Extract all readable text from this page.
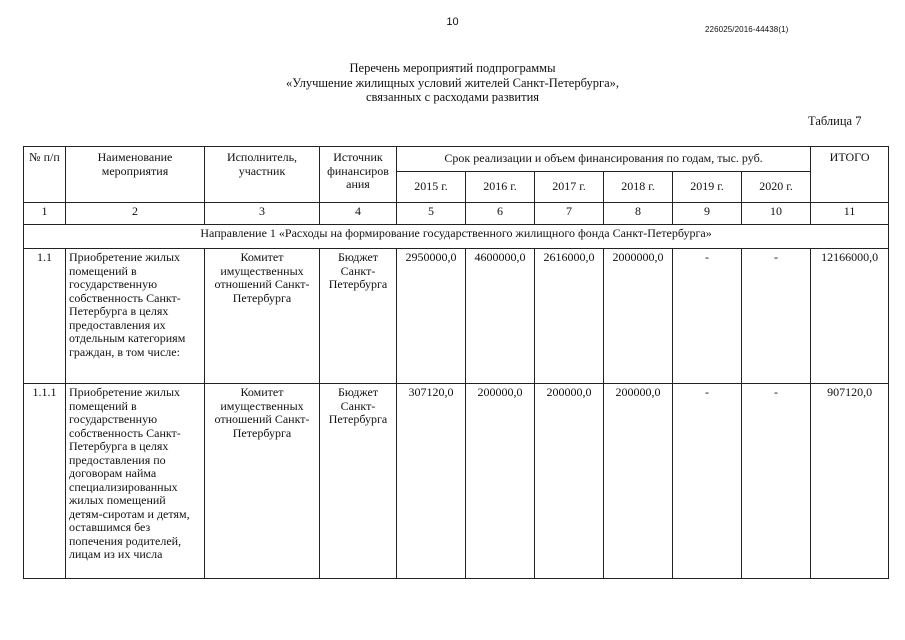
10
226025/2016-44438(1)
Перечень мероприятий подпрограммы
«Улучшение жилищных условий жителей Санкт-Петербурга»,
связанных с расходами развития
Таблица 7
№ п/п	Наименование мероприятия	Исполнитель, участник	Источник финансиров ания	Срок реализации и объем финансирования по годам, тыс. руб.						ИТОГО
				2015 г.	2016 г.	2017 г.	2018 г.	2019 г.	2020 г.	
1	2	3	4	5	6	7	8	9	10	11
Направление 1 «Расходы на формирование государственного жилищного фонда Санкт-Петербурга»										
1.1	Приобретение жилых помещений в государственную собственность Санкт-Петербурга в целях предоставления их отдельным категориям граждан, в том числе:	Комитет имущественных отношений Санкт-Петербурга	Бюджет Санкт-Петербурга	2950000,0	4600000,0	2616000,0	2000000,0	-	-	12166000,0
1.1.1	Приобретение жилых помещений в государственную собственность Санкт-Петербурга в целях предоставления по договорам найма специализированных жилых помещений детям-сиротам и детям, оставшимся без попечения родителей, лицам из их числа	Комитет имущественных отношений Санкт-Петербурга	Бюджет Санкт-Петербурга	307120,0	200000,0	200000,0	200000,0	-	-	907120,0
